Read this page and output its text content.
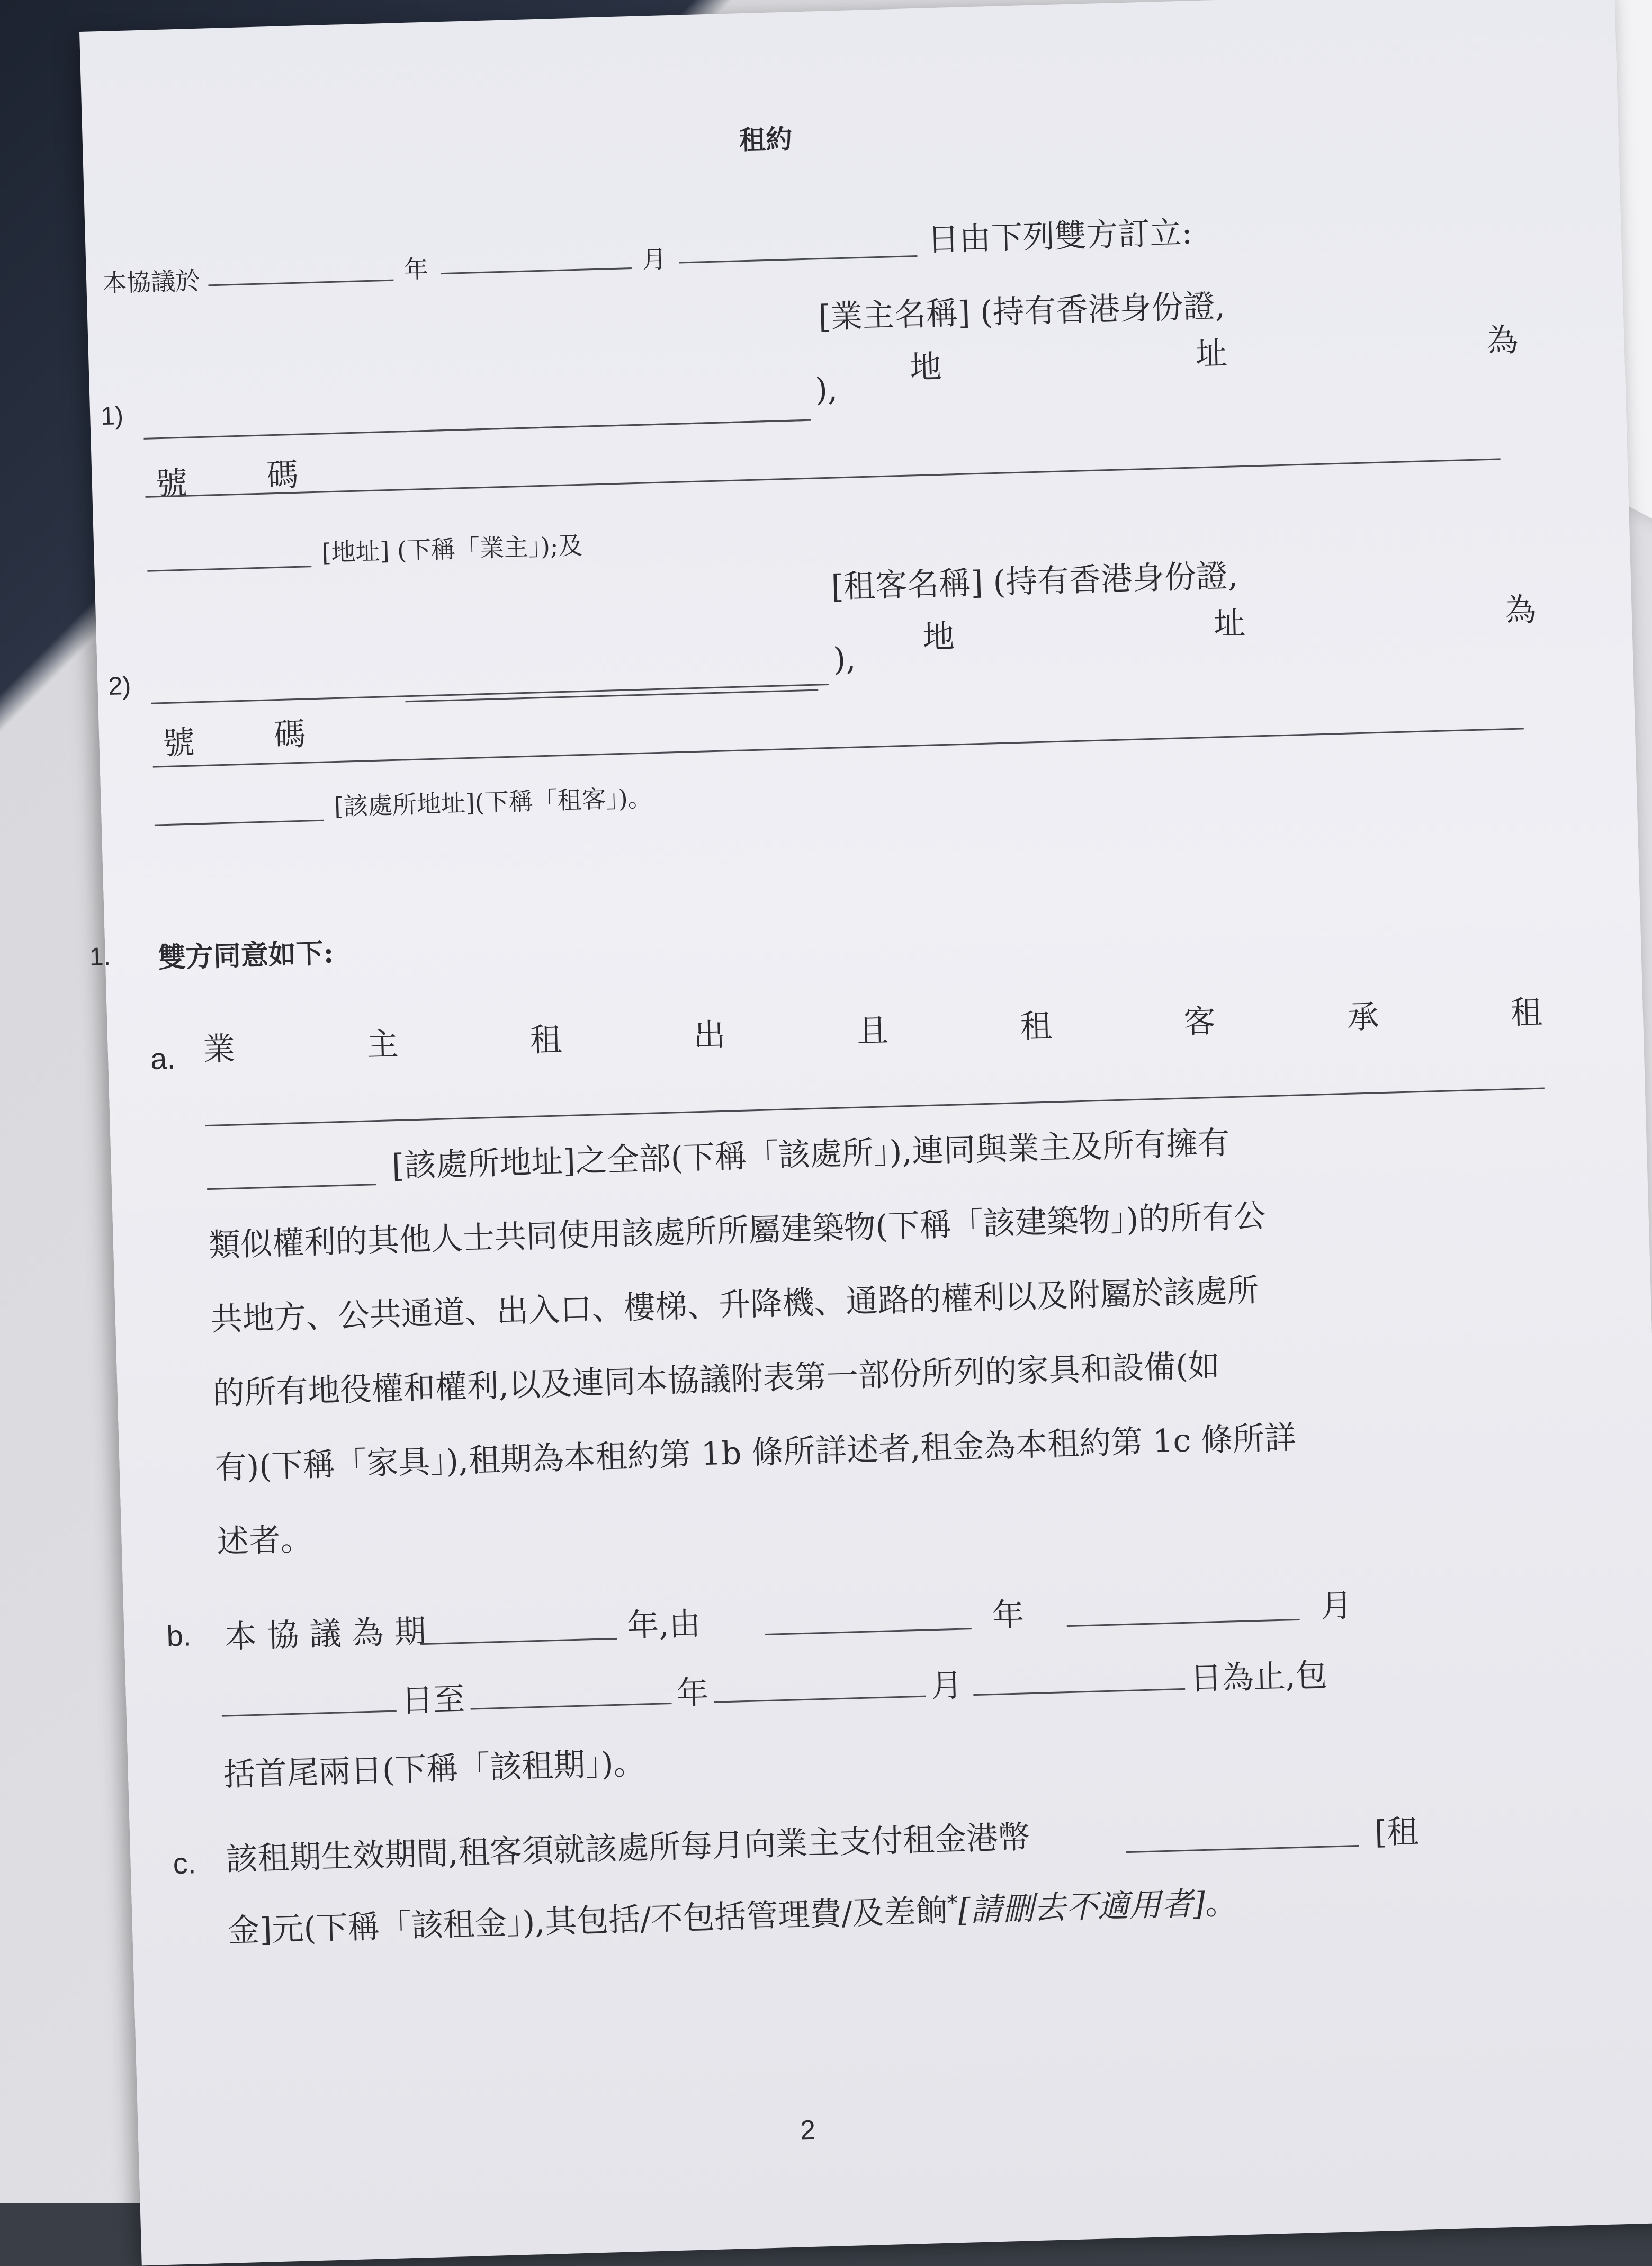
租約
本協議於	年	月
日由下列雙方訂立:
[業主名稱] (持有香港身份證,
1)
地	址	為
),
號 碼
[地址] (下稱「業主」);及
[租客名稱] (持有香港身份證,
2)
地	址	為
),
號 碼
[該處所地址](下稱「租客」)。
1. 雙方同意如下:
a. 業	主	租	出	且	租	客	承	租
[該處所地址]之全部(下稱「該處所」),連同與業主及所有擁有
類似權利的其他人士共同使用該處所所屬建築物(下稱「該建築物」)的所有公
共地方、公共通道、出入口、樓梯、升降機、通路的權利以及附屬於該處所
的所有地役權和權利,以及連同本協議附表第一部份所列的家具和設備(如
有)(下稱「家具」),租期為本租約第 1b 條所詳述者,租金為本租約第 1c 條所詳
述者。
b. 本協議為期	年,由	年	月
日至	年	月	日為止,包
括首尾兩日(下稱「該租期」)。
c. 該租期生效期間,租客須就該處所每月向業主支付租金港幣	[租
金]元(下稱「該租金」),其包括/不包括管理費/及差餉*[請刪去不適用者]。
2
